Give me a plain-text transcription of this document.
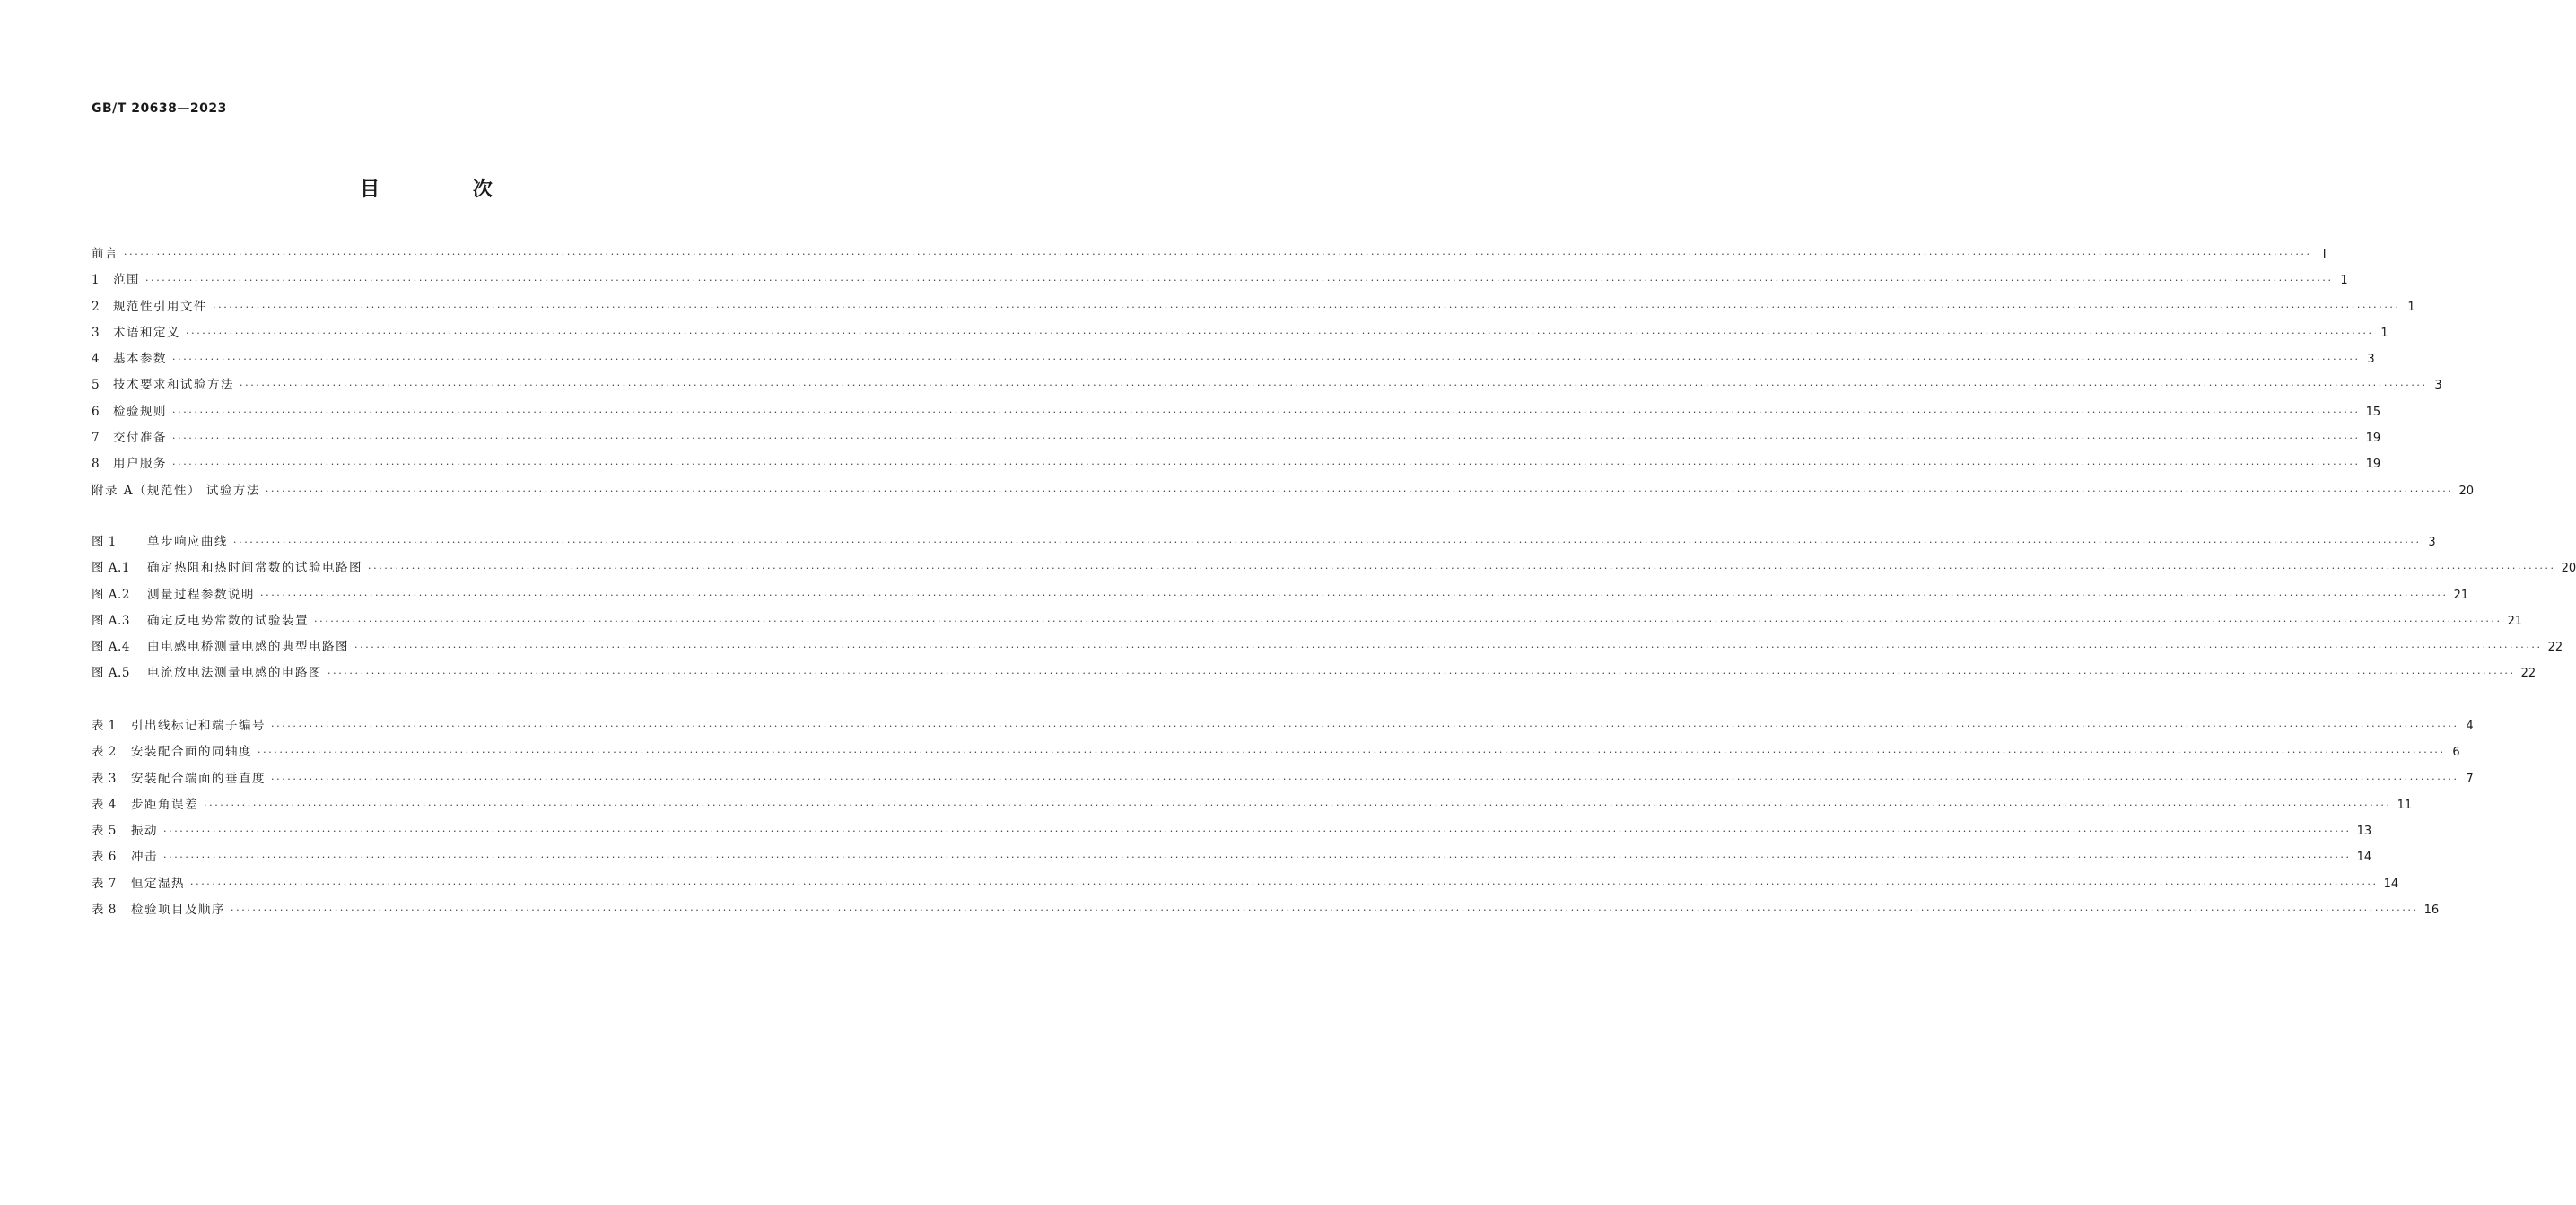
GB/T 20638—2023
目 次
前言 ················································································································································································································································································································································································································ Ⅰ
1	范围 ················································································································································································································································································································································································································ 1
2	规范性引用文件 ················································································································································································································································································································································································································ 1
3	术语和定义 ················································································································································································································································································································································································································ 1
4	基本参数 ················································································································································································································································································································································································································ 3
5	技术要求和试验方法 ················································································································································································································································································································································································································ 3
6	检验规则 ················································································································································································································································································································································································································ 15
7	交付准备 ················································································································································································································································································································································································································ 19
8	用户服务 ················································································································································································································································································································································································································ 19
附录 A（规范性） 试验方法 ················································································································································································································································································································································································································ 20
图 1	单步响应曲线 ················································································································································································································································································································································································································ 3
图 A.1	确定热阻和热时间常数的试验电路图 ················································································································································································································································································································································································································ 20
图 A.2	测量过程参数说明 ················································································································································································································································································································································································································ 21
图 A.3	确定反电势常数的试验装置 ················································································································································································································································································································································································································ 21
图 A.4	由电感电桥测量电感的典型电路图 ················································································································································································································································································································································································································ 22
图 A.5	电流放电法测量电感的电路图 ················································································································································································································································································································································································································ 22
表 1	引出线标记和端子编号 ················································································································································································································································································································································································································ 4
表 2	安装配合面的同轴度 ················································································································································································································································································································································································································ 6
表 3	安装配合端面的垂直度 ················································································································································································································································································································································································································ 7
表 4	步距角误差 ················································································································································································································································································································································································································ 11
表 5	振动 ················································································································································································································································································································································································································ 13
表 6	冲击 ················································································································································································································································································································································································································ 14
表 7	恒定湿热 ················································································································································································································································································································································································································ 14
表 8	检验项目及顺序 ················································································································································································································································································································································································································ 16
